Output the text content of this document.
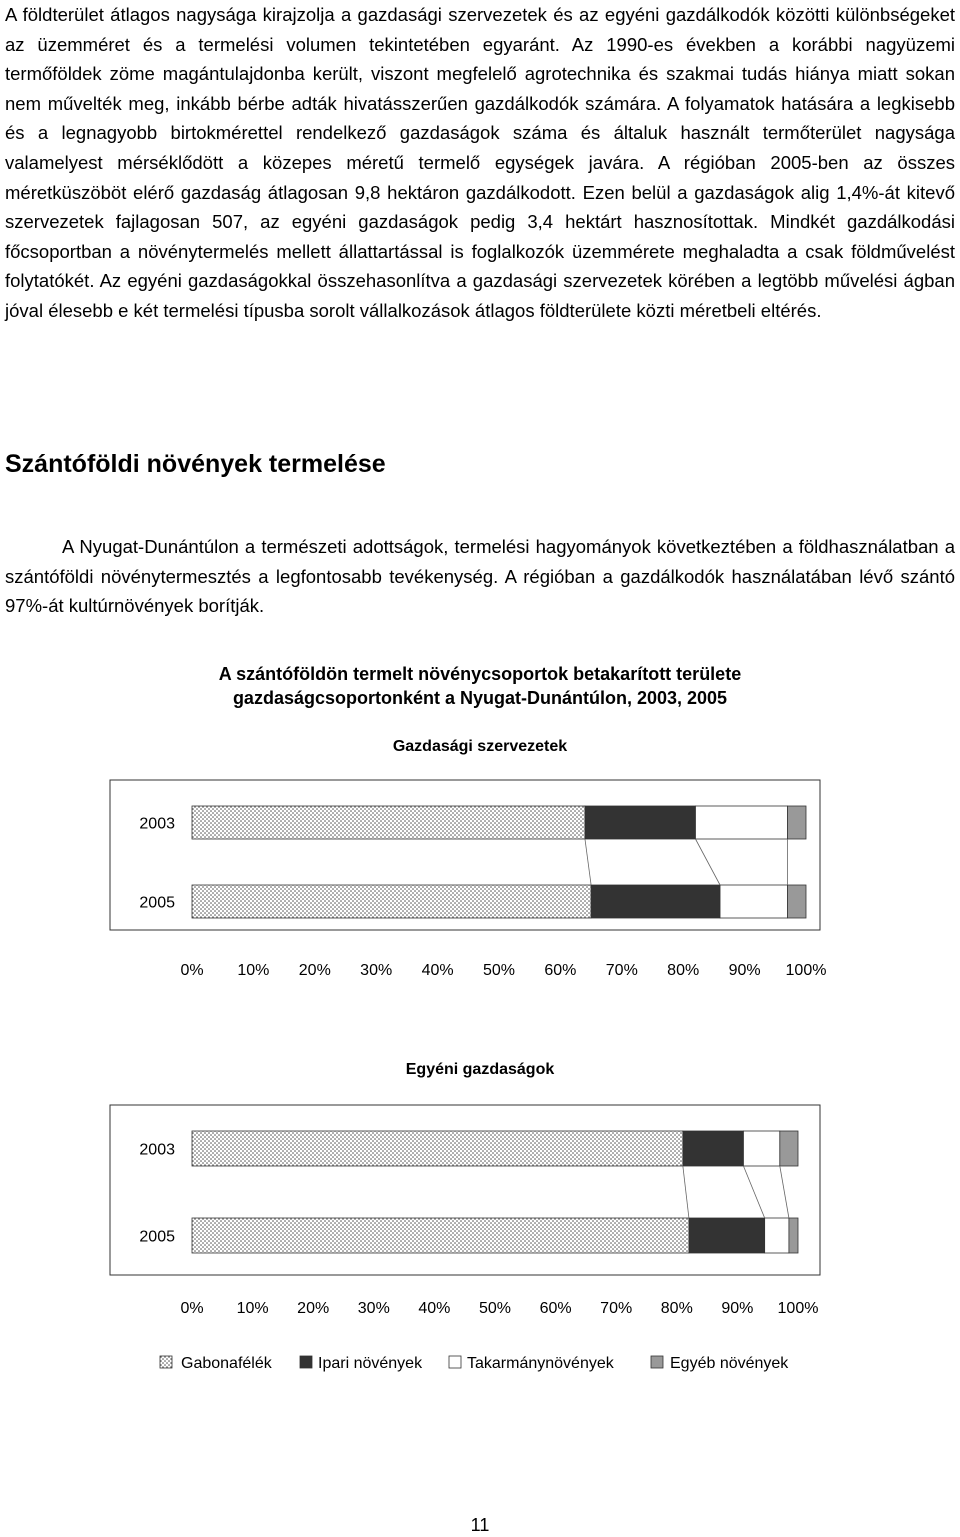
A földterület átlagos nagysága kirajzolja a gazdasági szervezetek és az egyéni gazdálkodók közötti különbségeket az üzemméret és a termelési volumen tekintetében egyaránt. Az 1990-es években a korábbi nagyüzemi termőföldek zöme magántulajdonba került, viszont megfelelő agrotechnika és szakmai tudás hiánya miatt sokan nem művelték meg, inkább bérbe adták hivatásszerűen gazdálkodók számára. A folyamatok hatására a legkisebb és a legnagyobb birtokmérettel rendelkező gazdaságok száma és általuk használt termőterület nagysága valamelyest mérséklődött a közepes méretű termelő egységek javára. A régióban 2005-ben az összes méretküszöböt elérő gazdaság átlagosan 9,8 hektáron gazdálkodott. Ezen belül a gazdaságok alig 1,4%-át kitevő szervezetek fajlagosan 507, az egyéni gazdaságok pedig 3,4 hektárt hasznosítottak. Mindkét gazdálkodási főcsoportban a növénytermelés mellett állattartással is foglalkozók üzemmérete meghaladta a csak földművelést folytatókét. Az egyéni gazdaságokkal összehasonlítva a gazdasági szervezetek körében a legtöbb művelési ágban jóval élesebb e két termelési típusba sorolt vállalkozások átlagos földterülete közti méretbeli eltérés.

Szántóföldi növények termelése

A Nyugat-Dunántúlon a természeti adottságok, termelési hagyományok következtében a földhasználatban a szántóföldi növénytermesztés a legfontosabb tevékenység. A régióban a gazdálkodók használatában lévő szántó 97%-át kultúrnövények borítják.

A szántóföldön termelt növénycsoportok betakarított területe
gazdaságcsoportonként a Nyugat-Dunántúlon, 2003, 2005
Gazdasági szervezetek
Egyéni gazdaságok
2003
2005
0% 10% 20% 30% 40% 50% 60% 70% 80% 90% 100%
2003
2005
0% 10% 20% 30% 40% 50% 60% 70% 80% 90% 100%
Gabonafélék	Ipari növények	Takarmánynövények	Egyéb növények
11
